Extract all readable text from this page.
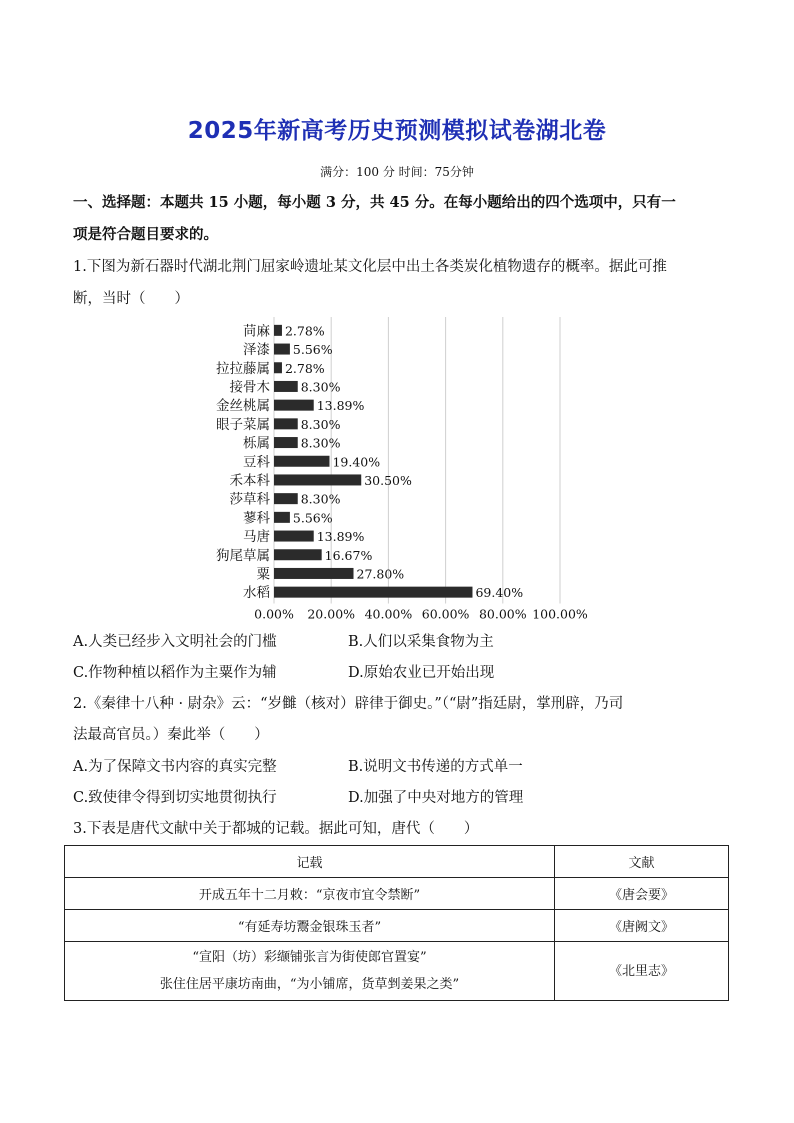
2025年新高考历史预测模拟试卷湖北卷
满分：100 分 时间：75分钟
一、选择题：本题共 15 小题，每小题 3 分，共 45 分。在每小题给出的四个选项中，只有一
项是符合题目要求的。
1.下图为新石器时代湖北荆门屈家岭遗址某文化层中出土各类炭化植物遗存的概率。据此可推
断，当时（　　）
苘麻 2.78%
泽漆 5.56%
拉拉藤属 2.78%
接骨木 8.30%
金丝桃属	13.89%
眼子菜属 8.30%
栎属 8.30%
豆科	19.40%
禾本科	30.50%
莎草科 8.30%
蓼科 5.56%
马唐	13.89%
狗尾草属	16.67%
粟	27.80%
水稻	69.40%
0.00% 20.00% 40.00% 60.00% 80.00% 100.00%
A.人类已经步入文明社会的门槛	B.人们以采集食物为主
C.作物种植以稻作为主粟作为辅	D.原始农业已开始出现
2.《秦律十八种 · 尉杂》云：“岁雠（核对）辟律于御史。”（“尉”指廷尉，掌刑辟，乃司
法最高官员。）秦此举（　　）
A.为了保障文书内容的真实完整	B.说明文书传递的方式单一
C.致使律令得到切实地贯彻执行	D.加强了中央对地方的管理
3.下表是唐代文献中关于都城的记载。据此可知，唐代（　　）
记载	文献
开成五年十二月敕：“京夜市宜令禁断”	《唐会要》
“有延寿坊鬻金银珠玉者”	《唐阙文》

“宣阳（坊）彩缬铺张言为街使郎官置宴”
张住住居平康坊南曲，“为小铺席，货草剉姜果之类”	《北里志》
